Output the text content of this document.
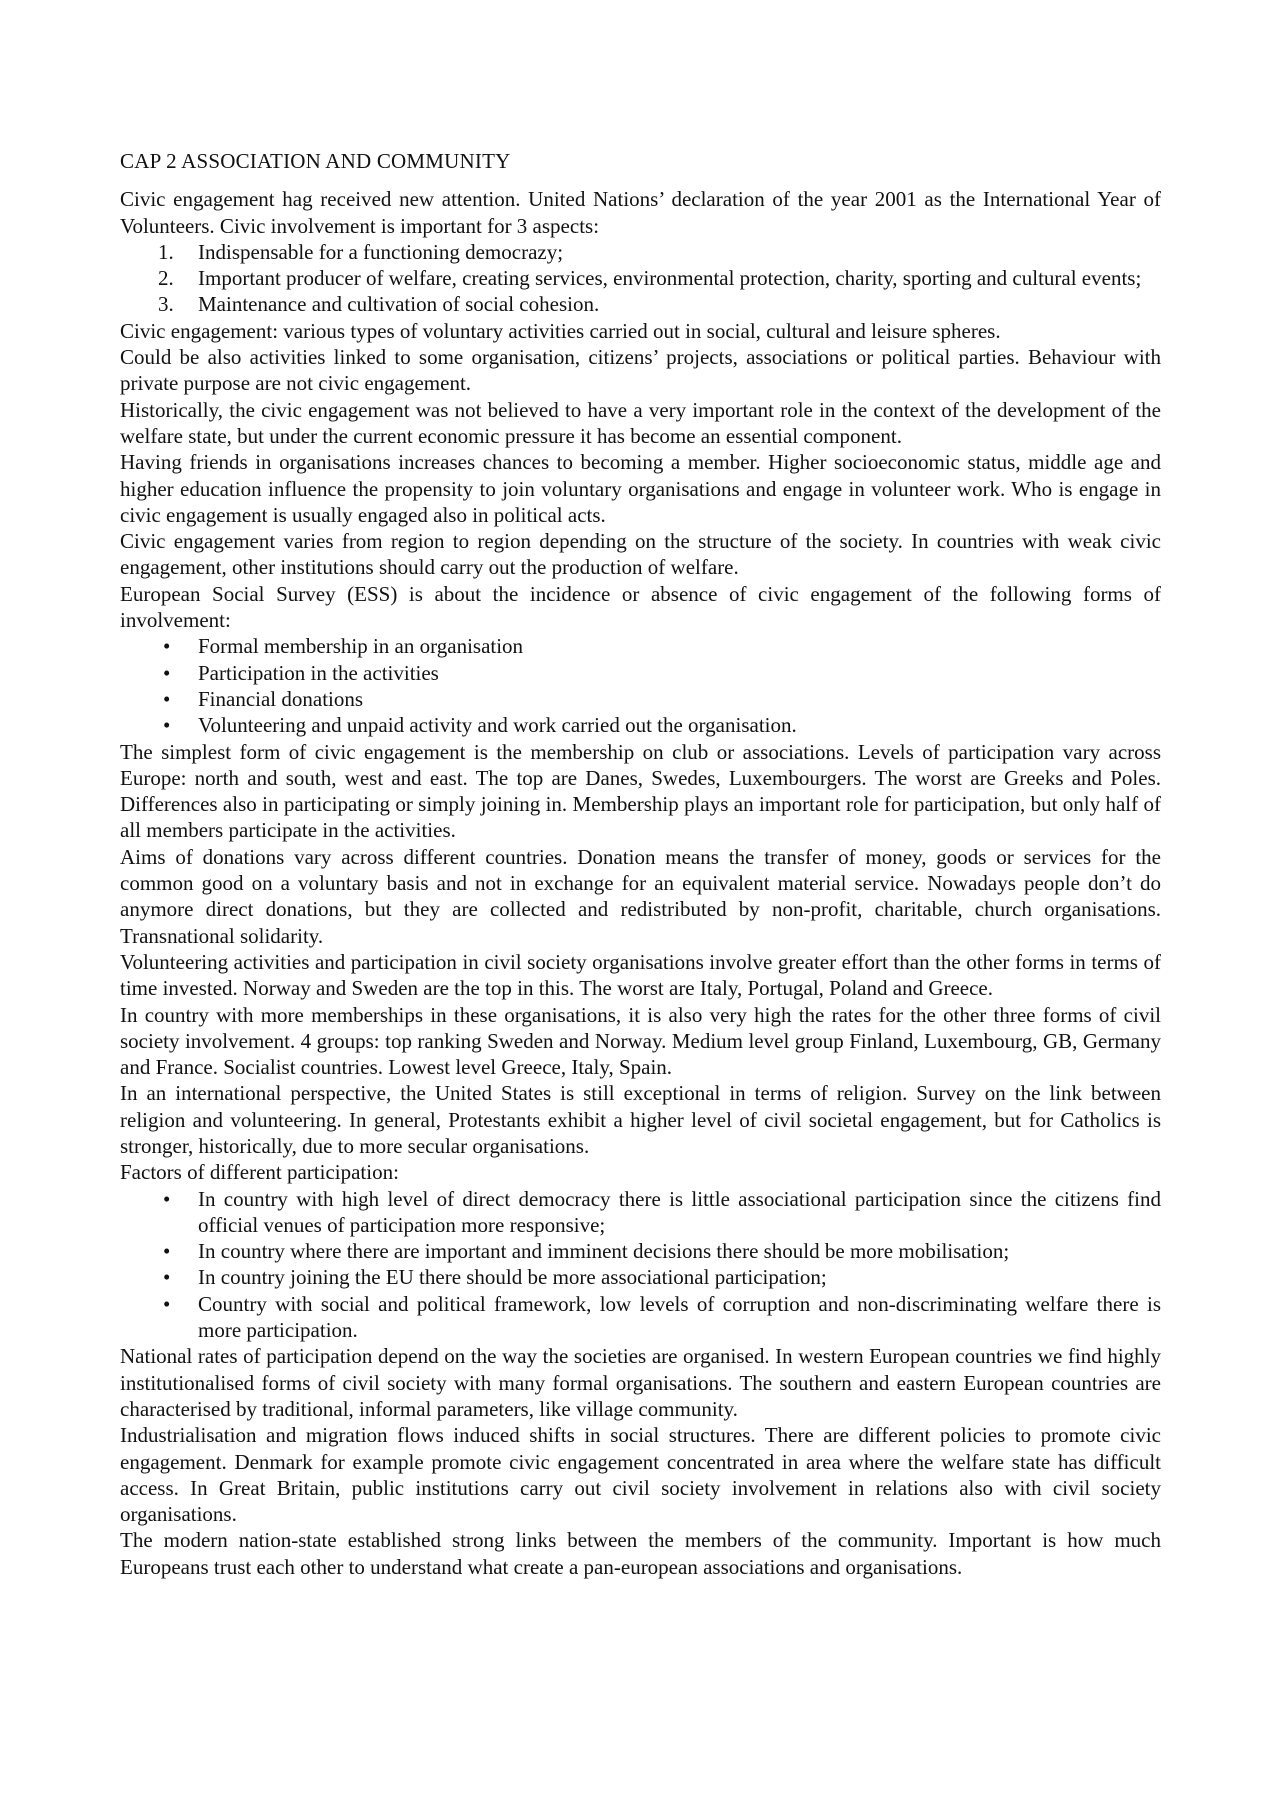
CAP 2 ASSOCIATION AND COMMUNITY

Civic engagement hag received new attention. United Nations’ declaration of the year 2001 as the International Year of Volunteers. Civic involvement is important for 3 aspects:

1.	Indispensable for a functioning democrazy;
2.	Important producer of welfare, creating services, environmental protection, charity, sporting and cultural events;
3.	Maintenance and cultivation of social cohesion.

Civic engagement: various types of voluntary activities carried out in social, cultural and leisure spheres.

Could be also activities linked to some organisation, citizens’ projects, associations or political parties. Behaviour with private purpose are not civic engagement.

Historically, the civic engagement was not believed to have a very important role in the context of the development of the welfare state, but under the current economic pressure it has become an essential component.

Having friends in organisations increases chances to becoming a member. Higher socioeconomic status, middle age and higher education influence the propensity to join voluntary organisations and engage in volunteer work. Who is engage in civic engagement is usually engaged also in political acts.

Civic engagement varies from region to region depending on the structure of the society. In countries with weak civic engagement, other institutions should carry out the production of welfare.

European Social Survey (ESS) is about the incidence or absence of civic engagement of the following forms of involvement:

• Formal membership in an organisation
• Participation in the activities
• Financial donations
• Volunteering and unpaid activity and work carried out the organisation.

The simplest form of civic engagement is the membership on club or associations. Levels of participation vary across Europe: north and south, west and east. The top are Danes, Swedes, Luxembourgers. The worst are Greeks and Poles. Differences also in participating or simply joining in. Membership plays an important role for participation, but only half of all members participate in the activities.

Aims of donations vary across different countries. Donation means the transfer of money, goods or services for the common good on a voluntary basis and not in exchange for an equivalent material service. Nowadays people don’t do anymore direct donations, but they are collected and redistributed by non-profit, charitable, church organisations. Transnational solidarity.

Volunteering activities and participation in civil society organisations involve greater effort than the other forms in terms of time invested. Norway and Sweden are the top in this. The worst are Italy, Portugal, Poland and Greece.

In country with more memberships in these organisations, it is also very high the rates for the other three forms of civil society involvement. 4 groups: top ranking Sweden and Norway. Medium level group Finland, Luxembourg, GB, Germany and France. Socialist countries. Lowest level Greece, Italy, Spain.

In an international perspective, the United States is still exceptional in terms of religion. Survey on the link between religion and volunteering. In general, Protestants exhibit a higher level of civil societal engagement, but for Catholics is stronger, historically, due to more secular organisations.

Factors of different participation:

• In country with high level of direct democracy there is little associational participation since the citizens find official venues of participation more responsive;
• In country where there are important and imminent decisions there should be more mobilisation;
• In country joining the EU there should be more associational participation;
• Country with social and political framework, low levels of corruption and non-discriminating welfare there is more participation.

National rates of participation depend on the way the societies are organised. In western European countries we find highly institutionalised forms of civil society with many formal organisations. The southern and eastern European countries are characterised by traditional, informal parameters, like village community.

Industrialisation and migration flows induced shifts in social structures. There are different policies to promote civic engagement. Denmark for example promote civic engagement concentrated in area where the welfare state has difficult access. In Great Britain, public institutions carry out civil society involvement in relations also with civil society organisations.

The modern nation-state established strong links between the members of the community. Important is how much Europeans trust each other to understand what create a pan-european associations and organisations.
